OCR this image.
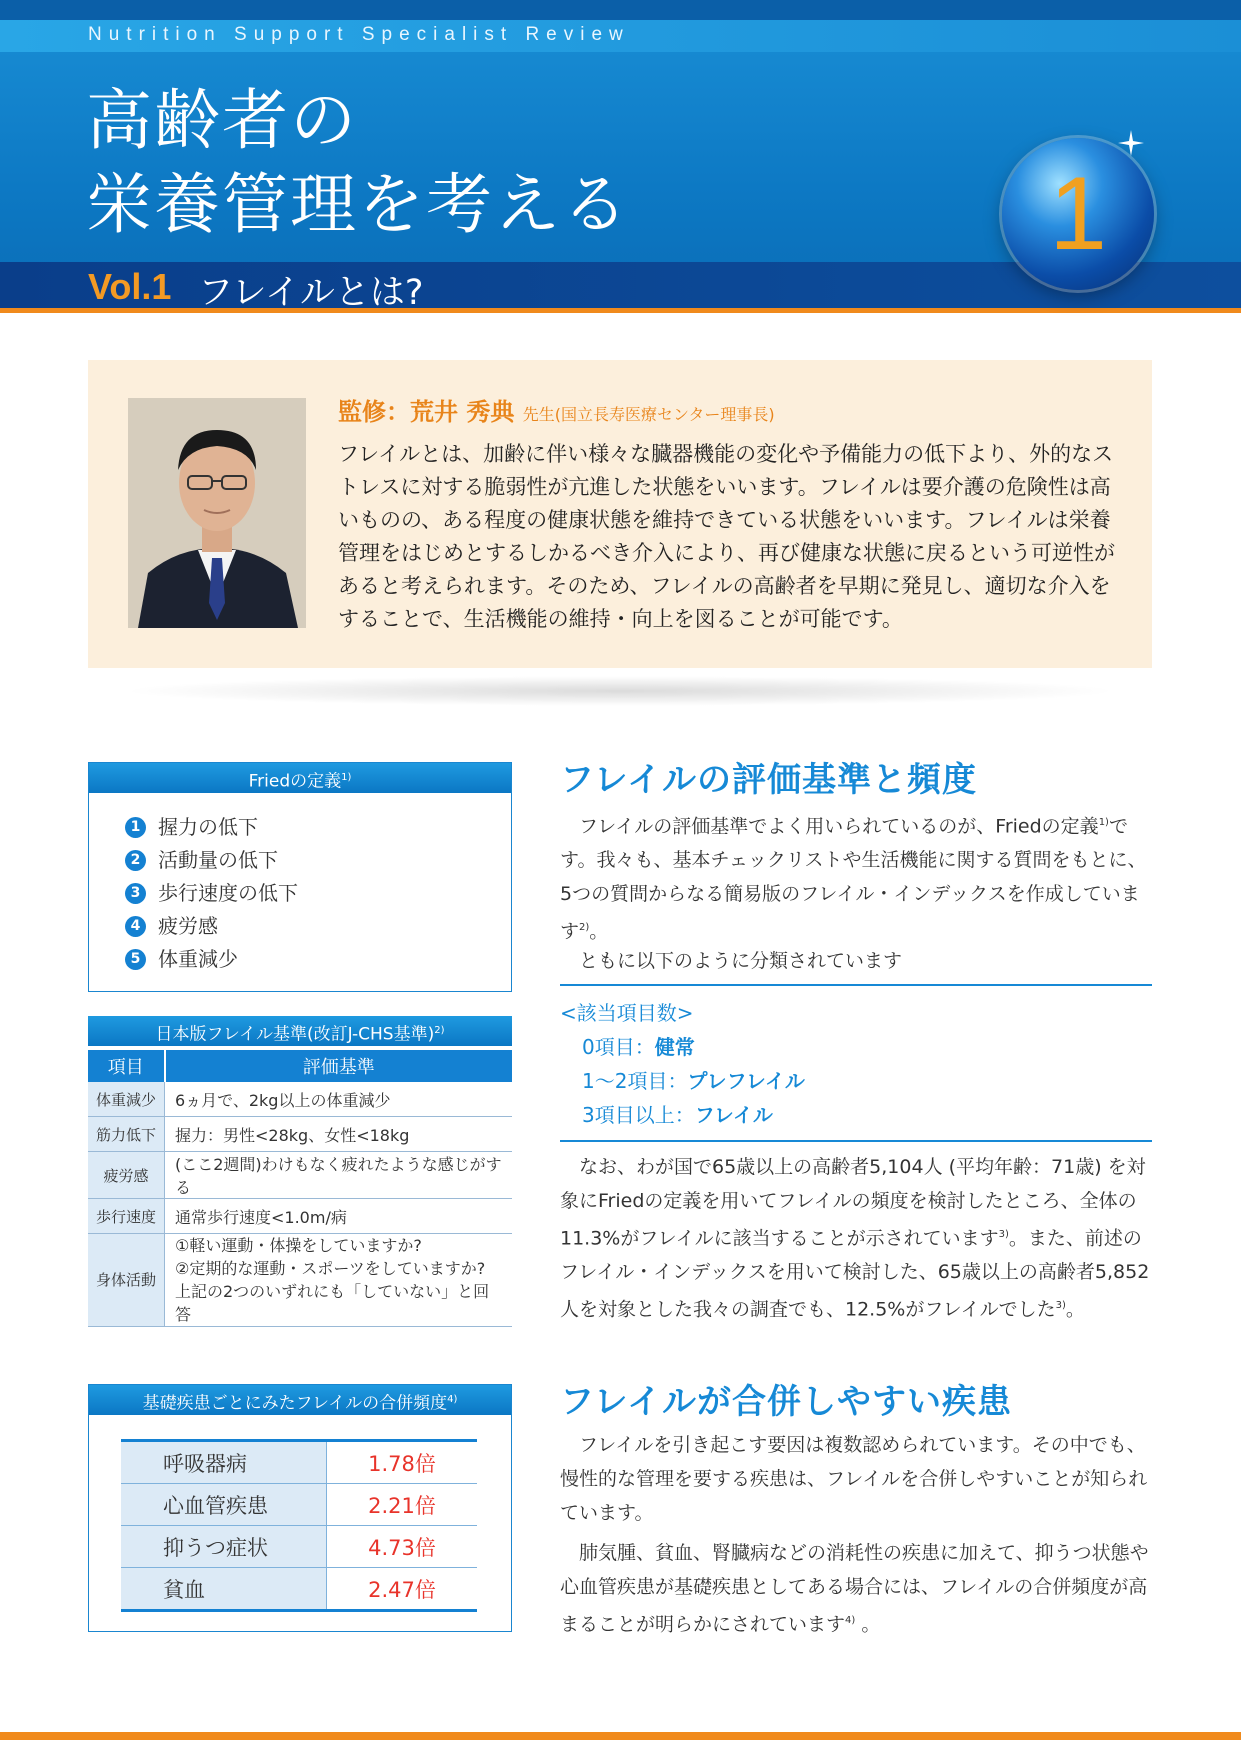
Nutrition Support Specialist Review
高齢者の
栄養管理を考える
Vol.1 フレイルとは?
1
監修：荒井 秀典 先生(国立長寿医療センター理事長)
フレイルとは、加齢に伴い様々な臓器機能の変化や予備能力の低下より、外的なストレスに対する脆弱性が亢進した状態をいいます。フレイルは要介護の危険性は高いものの、ある程度の健康状態を維持できている状態をいいます。フレイルは栄養管理をはじめとするしかるべき介入により、再び健康な状態に戻るという可逆性があると考えられます。そのため、フレイルの高齢者を早期に発見し、適切な介入をすることで、生活機能の維持・向上を図ることが可能です。
Friedの定義$^{1)}$
1 握力の低下
2 活動量の低下
3 歩行速度の低下
4 疲労感
5 体重減少
日本版フレイル基準(改訂J-CHS基準)$^{2)}$
項目	評価基準
体重減少	6ヵ月で、2kg以上の体重減少
筋力低下	握力：男性<28kg、女性<18kg
疲労感	(ここ2週間)わけもなく疲れたような感じがする
歩行速度	通常歩行速度<1.0m/病
身体活動	①軽い運動・体操をしていますか?
②定期的な運動・スポーツをしていますか?
上記の2つのいずれにも「していない」と回答
基礎疾患ごとにみたフレイルの合併頻度$^{4)}$
呼吸器病	1.78倍
心血管疾患	2.21倍
抑うつ症状	4.73倍
貧血	2.47倍
フレイルの評価基準と頻度
フレイルの評価基準でよく用いられているのが、Friedの定義$^{1)}$です。我々も、基本チェックリストや生活機能に関する質問をもとに、5つの質問からなる簡易版のフレイル・インデックスを作成しています$^{2)}$。
ともに以下のように分類されています
<該当項目数>
0項目：健常
1～2項目：プレフレイル
3項目以上：フレイル
なお、わが国で65歳以上の高齢者5,104人 (平均年齢：71歳) を対象にFriedの定義を用いてフレイルの頻度を検討したところ、全体の11.3%がフレイルに該当することが示されています$^{3)}$。また、前述のフレイル・インデックスを用いて検討した、65歳以上の高齢者5,852人を対象とした我々の調査でも、12.5%がフレイルでした$^{3)}$。
フレイルが合併しやすい疾患
フレイルを引き起こす要因は複数認められています。その中でも、慢性的な管理を要する疾患は、フレイルを合併しやすいことが知られています。
肺気腫、貧血、腎臓病などの消耗性の疾患に加えて、抑うつ状態や心血管疾患が基礎疾患としてある場合には、フレイルの合併頻度が高まることが明らかにされています$^{4)}$ 。
